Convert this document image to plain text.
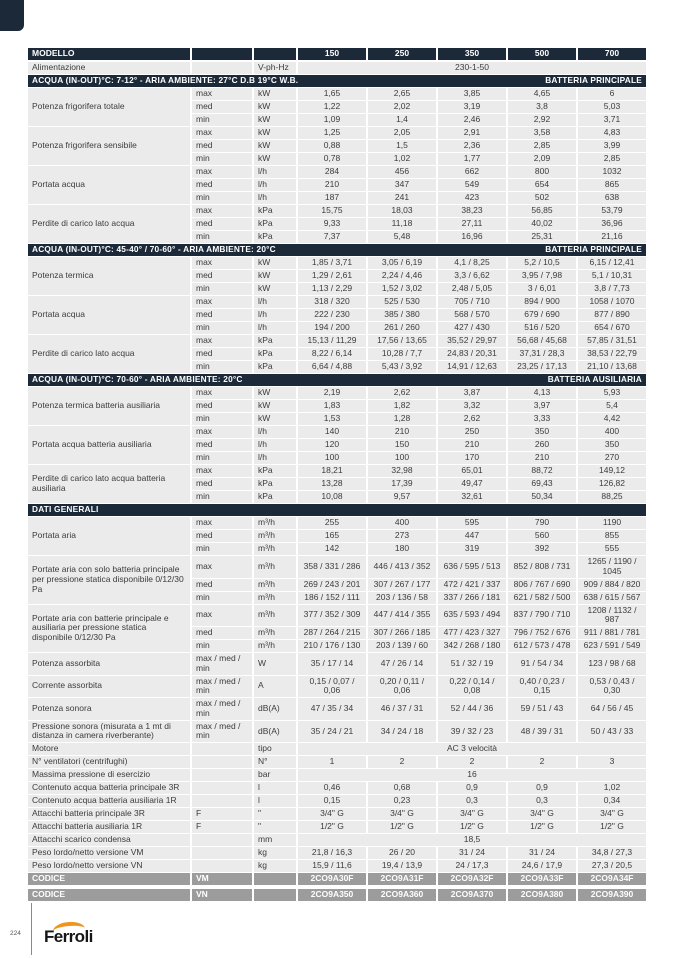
MODELLO			150	250	350	500	700
Alimentazione		V-ph-Hz	230-1-50				

ACQUA (IN-OUT)°C: 7-12° - ARIA AMBIENTE: 27°C D.B 19°C W.B. BATTERIA PRINCIPALE							

Potenza frigorifera totale	max	kW	1,65	2,65	3,85	4,65	6
	med	kW	1,22	2,02	3,19	3,8	5,03
	min	kW	1,09	1,4	2,46	2,92	3,71
Potenza frigorifera sensibile	max	kW	1,25	2,05	2,91	3,58	4,83
	med	kW	0,88	1,5	2,36	2,85	3,99
	min	kW	0,78	1,02	1,77	2,09	2,85
Portata acqua	max	l/h	284	456	662	800	1032
	med	l/h	210	347	549	654	865
	min	l/h	187	241	423	502	638
Perdite di carico lato acqua	max	kPa	15,75	18,03	38,23	56,85	53,79
	med	kPa	9,33	11,18	27,11	40,02	36,96
	min	kPa	7,37	5,48	16,96	25,31	21,16

ACQUA (IN-OUT)°C: 45-40° / 70-60° - ARIA AMBIENTE: 20°C BATTERIA PRINCIPALE							

Potenza termica	max	kW	1,85 / 3,71	3,05 / 6,19	4,1 / 8,25	5,2 / 10,5	6,15 / 12,41
	med	kW	1,29 / 2,61	2,24 / 4,46	3,3 / 6,62	3,95 / 7,98	5,1 / 10,31
	min	kW	1,13 / 2,29	1,52 / 3,02	2,48 / 5,05	3 / 6,01	3,8 / 7,73
Portata acqua	max	l/h	318 / 320	525 / 530	705 / 710	894 / 900	1058 / 1070
	med	l/h	222 / 230	385 / 380	568 / 570	679 / 690	877 / 890
	min	l/h	194 / 200	261 / 260	427 / 430	516 / 520	654 / 670
Perdite di carico lato acqua	max	kPa	15,13 / 11,29	17,56 / 13,65	35,52 / 29,97	56,68 / 45,68	57,85 / 31,51
	med	kPa	8,22 / 6,14	10,28 / 7,7	24,83 / 20,31	37,31 / 28,3	38,53 / 22,79
	min	kPa	6,64 / 4,88	5,43 / 3,92	14,91 / 12,63	23,25 / 17,13	21,10 / 13,68

ACQUA (IN-OUT)°C: 70-60° - ARIA AMBIENTE: 20°C BATTERIA AUSILIARIA							

Potenza termica batteria ausiliaria	max	kW	2,19	2,62	3,87	4,13	5,93
	med	kW	1,83	1,82	3,32	3,97	5,4
	min	kW	1,53	1,28	2,62	3,33	4,42
Portata acqua batteria ausiliaria	max	l/h	140	210	250	350	400
	med	l/h	120	150	210	260	350
	min	l/h	100	100	170	210	270
Perdite di carico lato acqua batteria ausiliaria	max	kPa	18,21	32,98	65,01	88,72	149,12
	med	kPa	13,28	17,39	49,47	69,43	126,82
	min	kPa	10,08	9,57	32,61	50,34	88,25

DATI GENERALI							

Portata aria	max	m³/h	255	400	595	790	1190
	med	m³/h	165	273	447	560	855
	min	m³/h	142	180	319	392	555
Portate aria con solo batteria principale per pressione statica disponibile 0/12/30 Pa	max	m³/h	358 / 331 / 286	446 / 413 / 352	636 / 595 / 513	852 / 808 / 731	1265 / 1190 / 1045
	med	m³/h	269 / 243 / 201	307 / 267 / 177	472 / 421 / 337	806 / 767 / 690	909 / 884 / 820
	min	m³/h	186 / 152 / 111	203 / 136 / 58	337 / 266 / 181	621 / 582 / 500	638 / 615 / 567
Portate aria con batterie principale e ausiliaria per pressione statica disponibile 0/12/30 Pa	max	m³/h	377 / 352 / 309	447 / 414 / 355	635 / 593 / 494	837 / 790 / 710	1208 / 1132 / 987
	med	m³/h	287 / 264 / 215	307 / 266 / 185	477 / 423 / 327	796 / 752 / 676	911 / 881 / 781
	min	m³/h	210 / 176 / 130	203 / 139 / 60	342 / 268 / 180	612 / 573 / 478	623 / 591 / 549
Potenza assorbita	max / med / min	W	35 / 17 / 14	47 / 26 / 14	51 / 32 / 19	91 / 54 / 34	123 / 98 / 68
Corrente assorbita	max / med / min	A	0,15 / 0,07 / 0,06	0,20 / 0,11 / 0,06	0,22 / 0,14 / 0,08	0,40 / 0,23 / 0,15	0,53 / 0,43 / 0,30
Potenza sonora	max / med / min	dB(A)	47 / 35 / 34	46 / 37 / 31	52 / 44 / 36	59 / 51 / 43	64 / 56 / 45
Pressione sonora (misurata a 1 mt di distanza in camera riverberante)	max / med / min	dB(A)	35 / 24 / 21	34 / 24 / 18	39 / 32 / 23	48 / 39 / 31	50 / 43 / 33
Motore		tipo	AC 3 velocità				
N° ventilatori (centrifughi)		N°	1	2	2	2	3
Massima pressione di esercizio		bar	16				
Contenuto acqua batteria principale 3R		l	0,46	0,68	0,9	0,9	1,02
Contenuto acqua batteria ausiliaria 1R		l	0,15	0,23	0,3	0,3	0,34
Attacchi batteria principale 3R	F	"	3/4" G	3/4" G	3/4" G	3/4" G	3/4" G
Attacchi batteria ausiliaria 1R	F	"	1/2" G	1/2" G	1/2" G	1/2" G	1/2" G
Attacchi scarico condensa		mm	18,5				
Peso lordo/netto versione VM		kg	21,8 / 16,3	26 / 20	31 / 24	31 / 24	34,8 / 27,3
Peso lordo/netto versione VN		kg	15,9 / 11,6	19,4 / 13,9	24 / 17,3	24,6 / 17,9	27,3 / 20,5
CODICE	VM		2CO9A30F	2CO9A31F	2CO9A32F	2CO9A33F	2CO9A34F

CODICE	VN		2CO9A350	2CO9A360	2CO9A370	2CO9A380	2CO9A390
224 Ferroli
